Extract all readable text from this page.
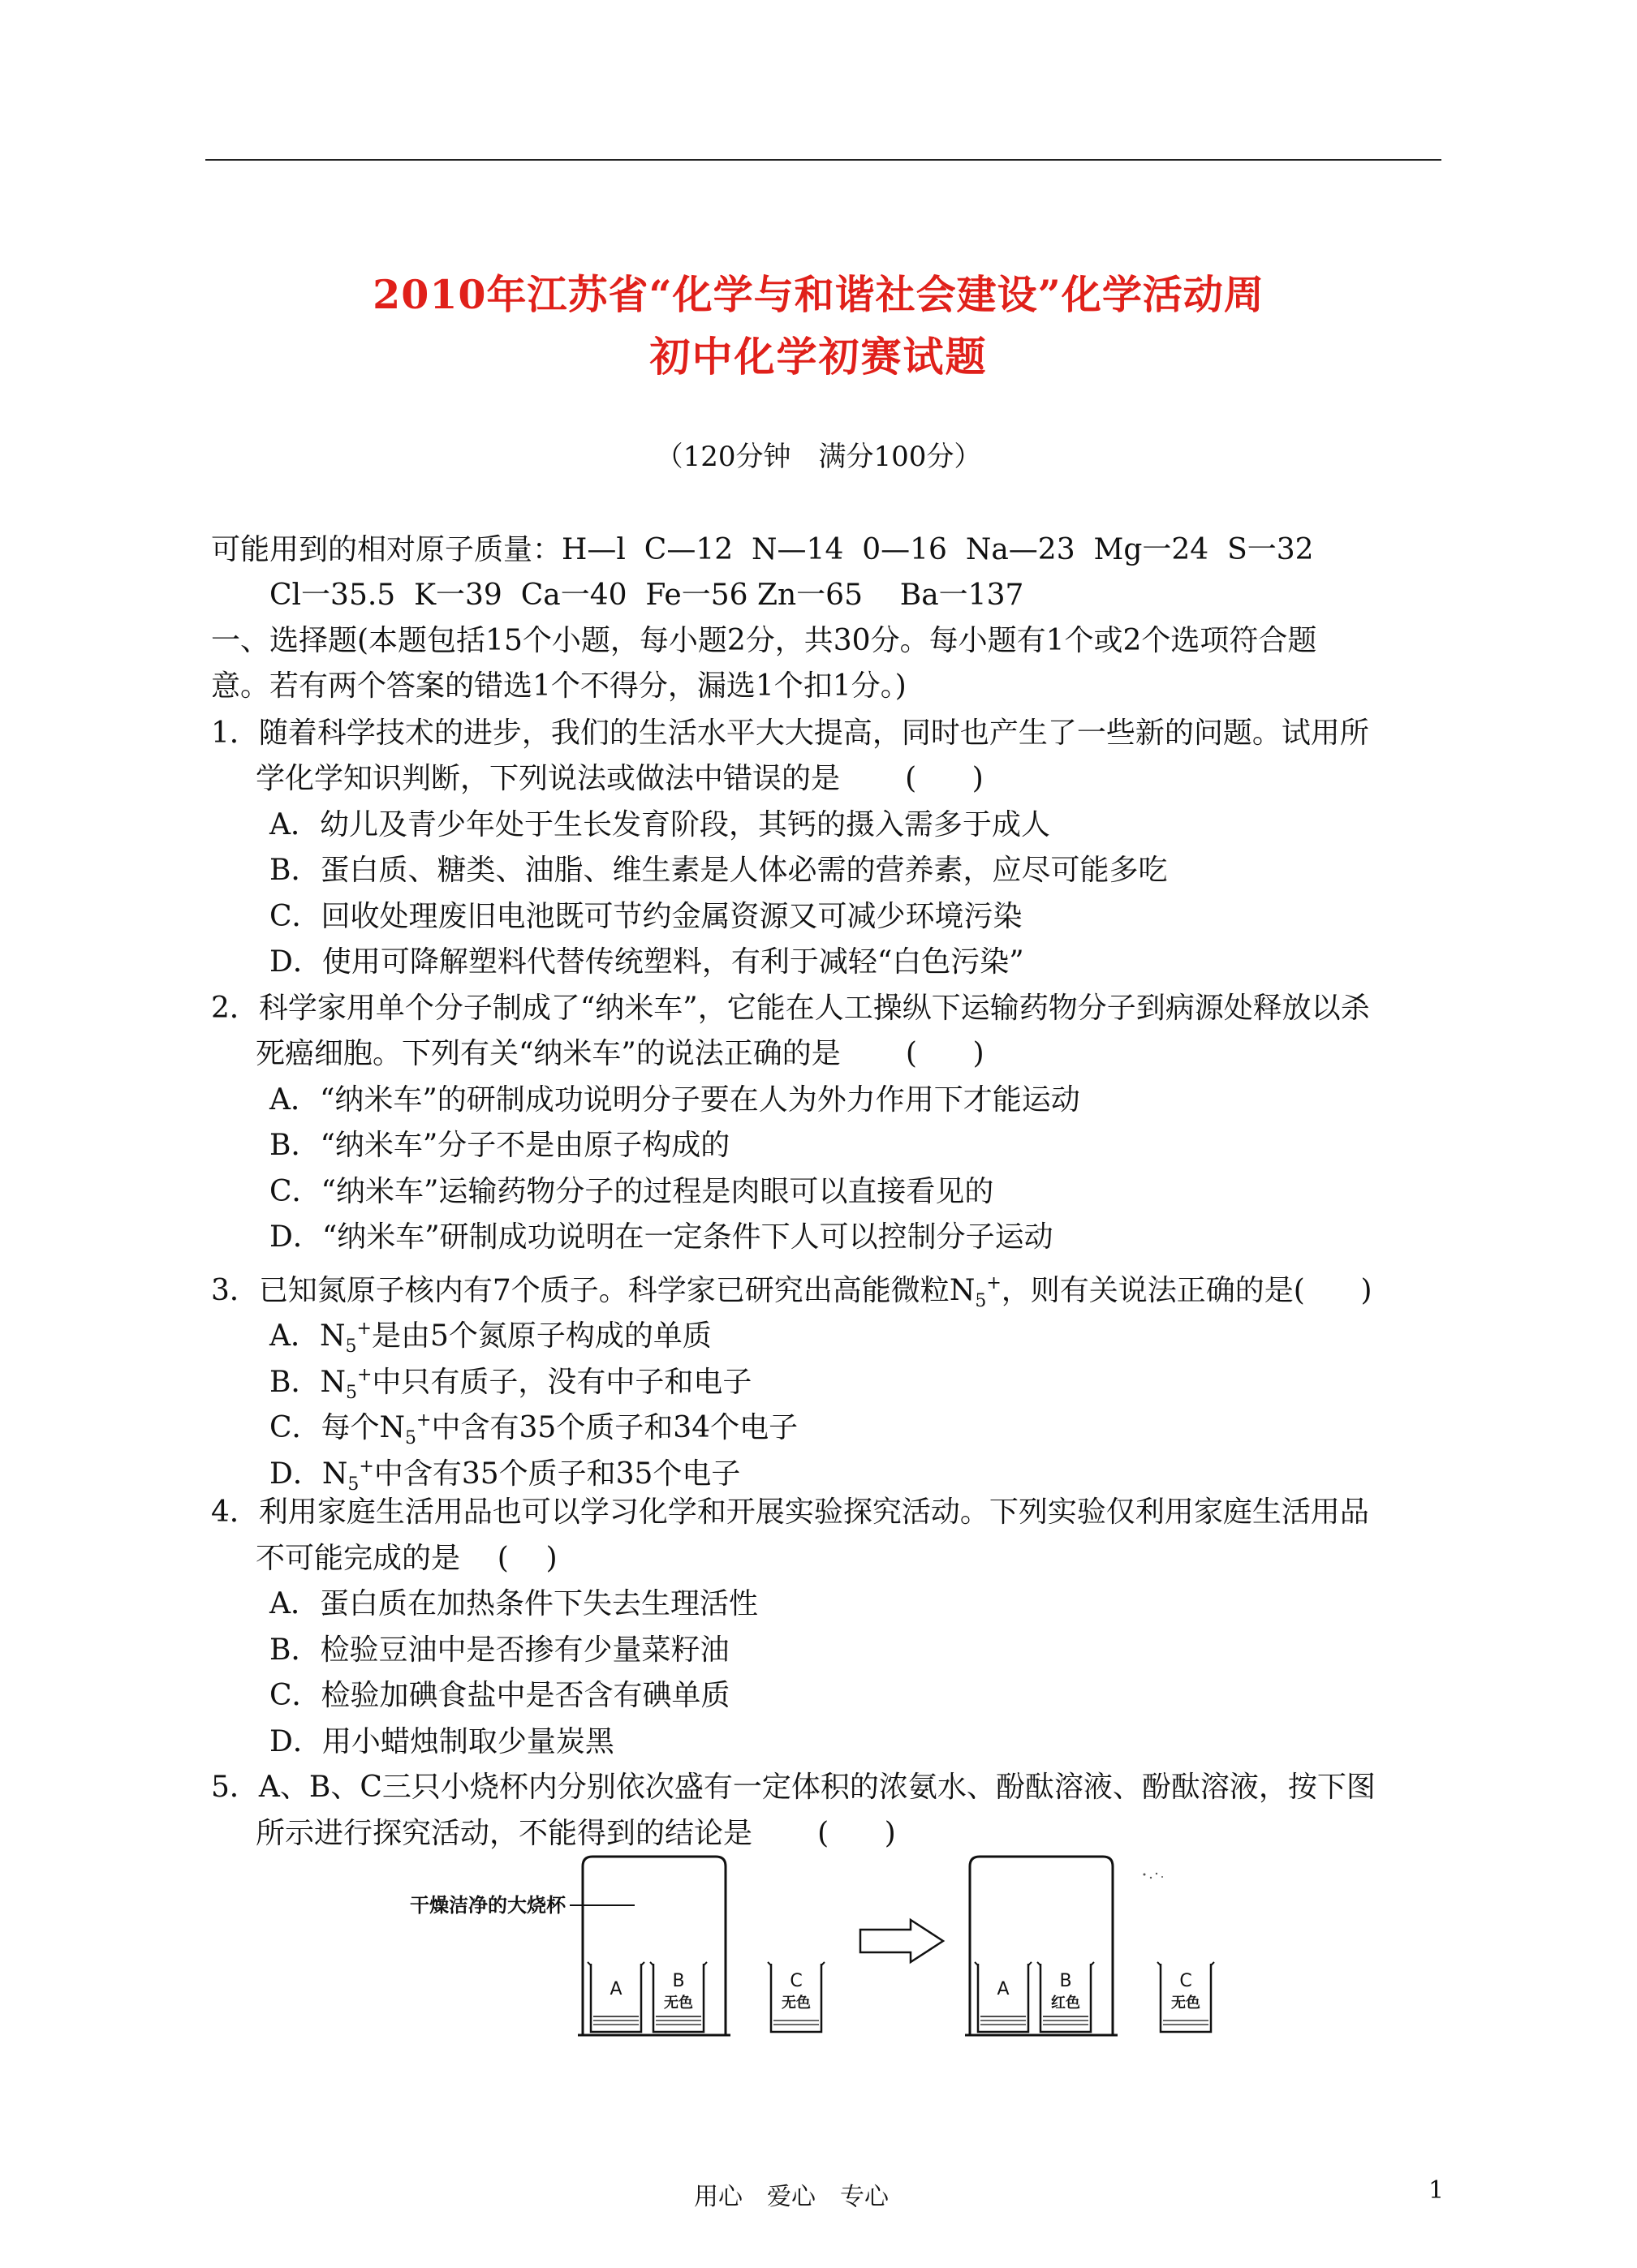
2010年江苏省“化学与和谐社会建设”化学活动周
初中化学初赛试题
（120分钟　满分100分）
可能用到的相对原子质量：H—l  C—12  N—14  0—16  Na—23  Mg一24  S一32
Cl一35.5  K一39  Ca一40  Fe一56 Zn一65    Ba一137
一、选择题(本题包括15个小题，每小题2分，共30分。每小题有1个或2个选项符合题
意。若有两个答案的错选1个不得分，漏选1个扣1分。)
1．随着科学技术的进步，我们的生活水平大大提高，同时也产生了一些新的问题。试用所
学化学知识判断，下列说法或做法中错误的是       (      )
A．幼儿及青少年处于生长发育阶段，其钙的摄入需多于成人
B．蛋白质、糖类、油脂、维生素是人体必需的营养素，应尽可能多吃
C．回收处理废旧电池既可节约金属资源又可减少环境污染
D．使用可降解塑料代替传统塑料，有利于减轻“白色污染”
2．科学家用单个分子制成了“纳米车”，它能在人工操纵下运输药物分子到病源处释放以杀
死癌细胞。下列有关“纳米车”的说法正确的是       (      )
A．“纳米车”的研制成功说明分子要在人为外力作用下才能运动
B．“纳米车”分子不是由原子构成的
C．“纳米车”运输药物分子的过程是肉眼可以直接看见的
D．“纳米车”研制成功说明在一定条件下人可以控制分子运动
3．已知氮原子核内有7个质子。科学家已研究出高能微粒$N_5^+$，则有关说法正确的是(      )
A．$N_5^+$是由5个氮原子构成的单质
B．$N_5^+$中只有质子，没有中子和电子
C．每个$N_5^+$中含有35个质子和34个电子
D．$N_5^+$中含有35个质子和35个电子
4．利用家庭生活用品也可以学习化学和开展实验探究活动。下列实验仅利用家庭生活用品
不可能完成的是    (    )
A．蛋白质在加热条件下失去生理活性
B．检验豆油中是否掺有少量菜籽油
C．检验加碘食盐中是否含有碘单质
D．用小蜡烛制取少量炭黑
5．A、B、C三只小烧杯内分别依次盛有一定体积的浓氨水、酚酞溶液、酚酞溶液，按下图
所示进行探究活动，不能得到的结论是       (      )
干燥洁净的大烧杯
A	B
无色
C
无色
A	B
红色
C
无色
用心　爱心　专心	1
